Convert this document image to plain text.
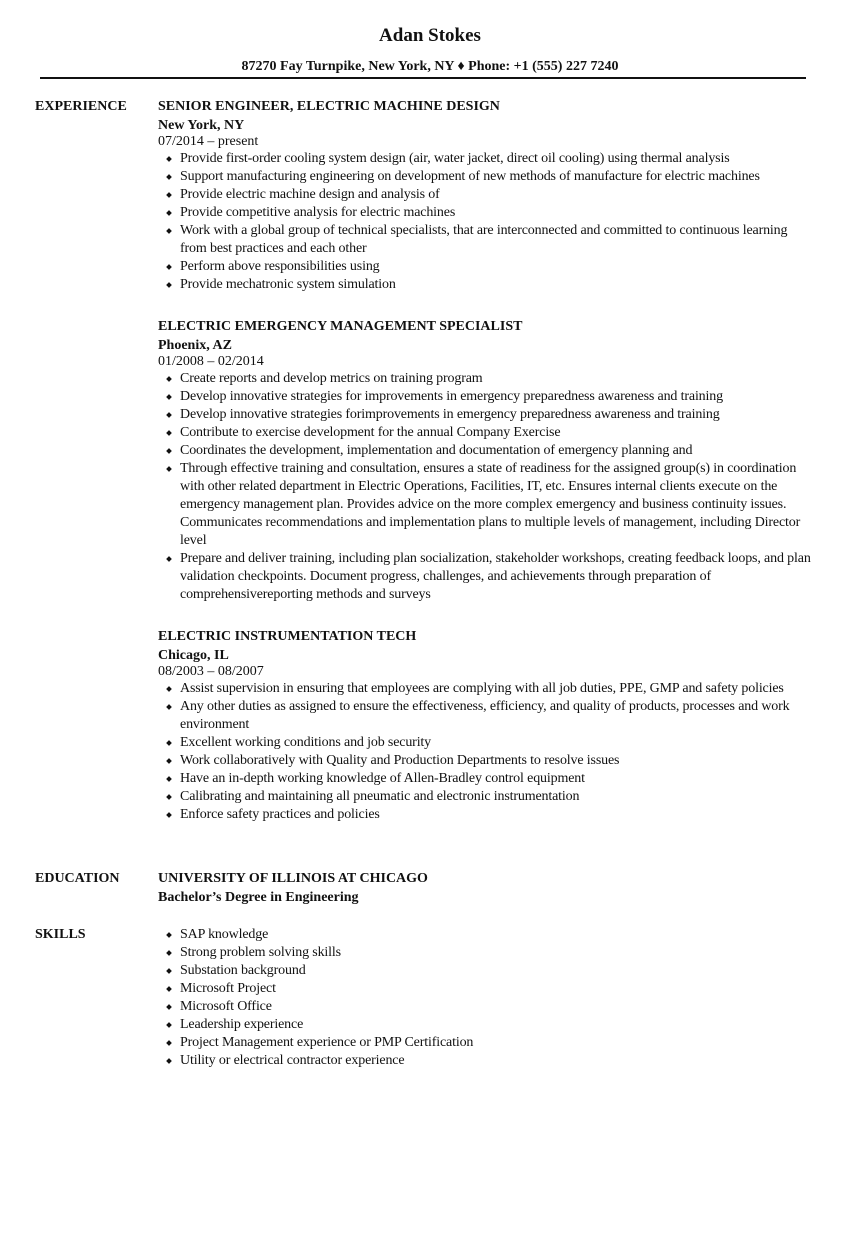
Adan Stokes
87270 Fay Turnpike, New York, NY ♦ Phone: +1 (555) 227 7240
EXPERIENCE SENIOR ENGINEER, ELECTRIC MACHINE DESIGN
New York, NY
07/2014 – present
Provide first-order cooling system design (air, water jacket, direct oil cooling) using thermal analysis
Support manufacturing engineering on development of new methods of manufacture for electric machines
Provide electric machine design and analysis of
Provide competitive analysis for electric machines
Work with a global group of technical specialists, that are interconnected and committed to continuous learning from best practices and each other
Perform above responsibilities using
Provide mechatronic system simulation
ELECTRIC EMERGENCY MANAGEMENT SPECIALIST
Phoenix, AZ
01/2008 – 02/2014
Create reports and develop metrics on training program
Develop innovative strategies for improvements in emergency preparedness awareness and training
Develop innovative strategies forimprovements in emergency preparedness awareness and training
Contribute to exercise development for the annual Company Exercise
Coordinates the development, implementation and documentation of emergency planning and
Through effective training and consultation, ensures a state of readiness for the assigned group(s) in coordination with other related department in Electric Operations, Facilities, IT, etc. Ensures internal clients execute on the emergency management plan. Provides advice on the more complex emergency and business continuity issues. Communicates recommendations and implementation plans to multiple levels of management, including Director level
Prepare and deliver training, including plan socialization, stakeholder workshops, creating feedback loops, and plan validation checkpoints. Document progress, challenges, and achievements through preparation of comprehensivereporting methods and surveys
ELECTRIC INSTRUMENTATION TECH
Chicago, IL
08/2003 – 08/2007
Assist supervision in ensuring that employees are complying with all job duties, PPE, GMP and safety policies
Any other duties as assigned to ensure the effectiveness, efficiency, and quality of products, processes and work environment
Excellent working conditions and job security
Work collaboratively with Quality and Production Departments to resolve issues
Have an in-depth working knowledge of Allen-Bradley control equipment
Calibrating and maintaining all pneumatic and electronic instrumentation
Enforce safety practices and policies
EDUCATION	UNIVERSITY OF ILLINOIS AT CHICAGO
Bachelor’s Degree in Engineering
SKILLS	SAP knowledge
Strong problem solving skills
Substation background
Microsoft Project
Microsoft Office
Leadership experience
Project Management experience or PMP Certification
Utility or electrical contractor experience
